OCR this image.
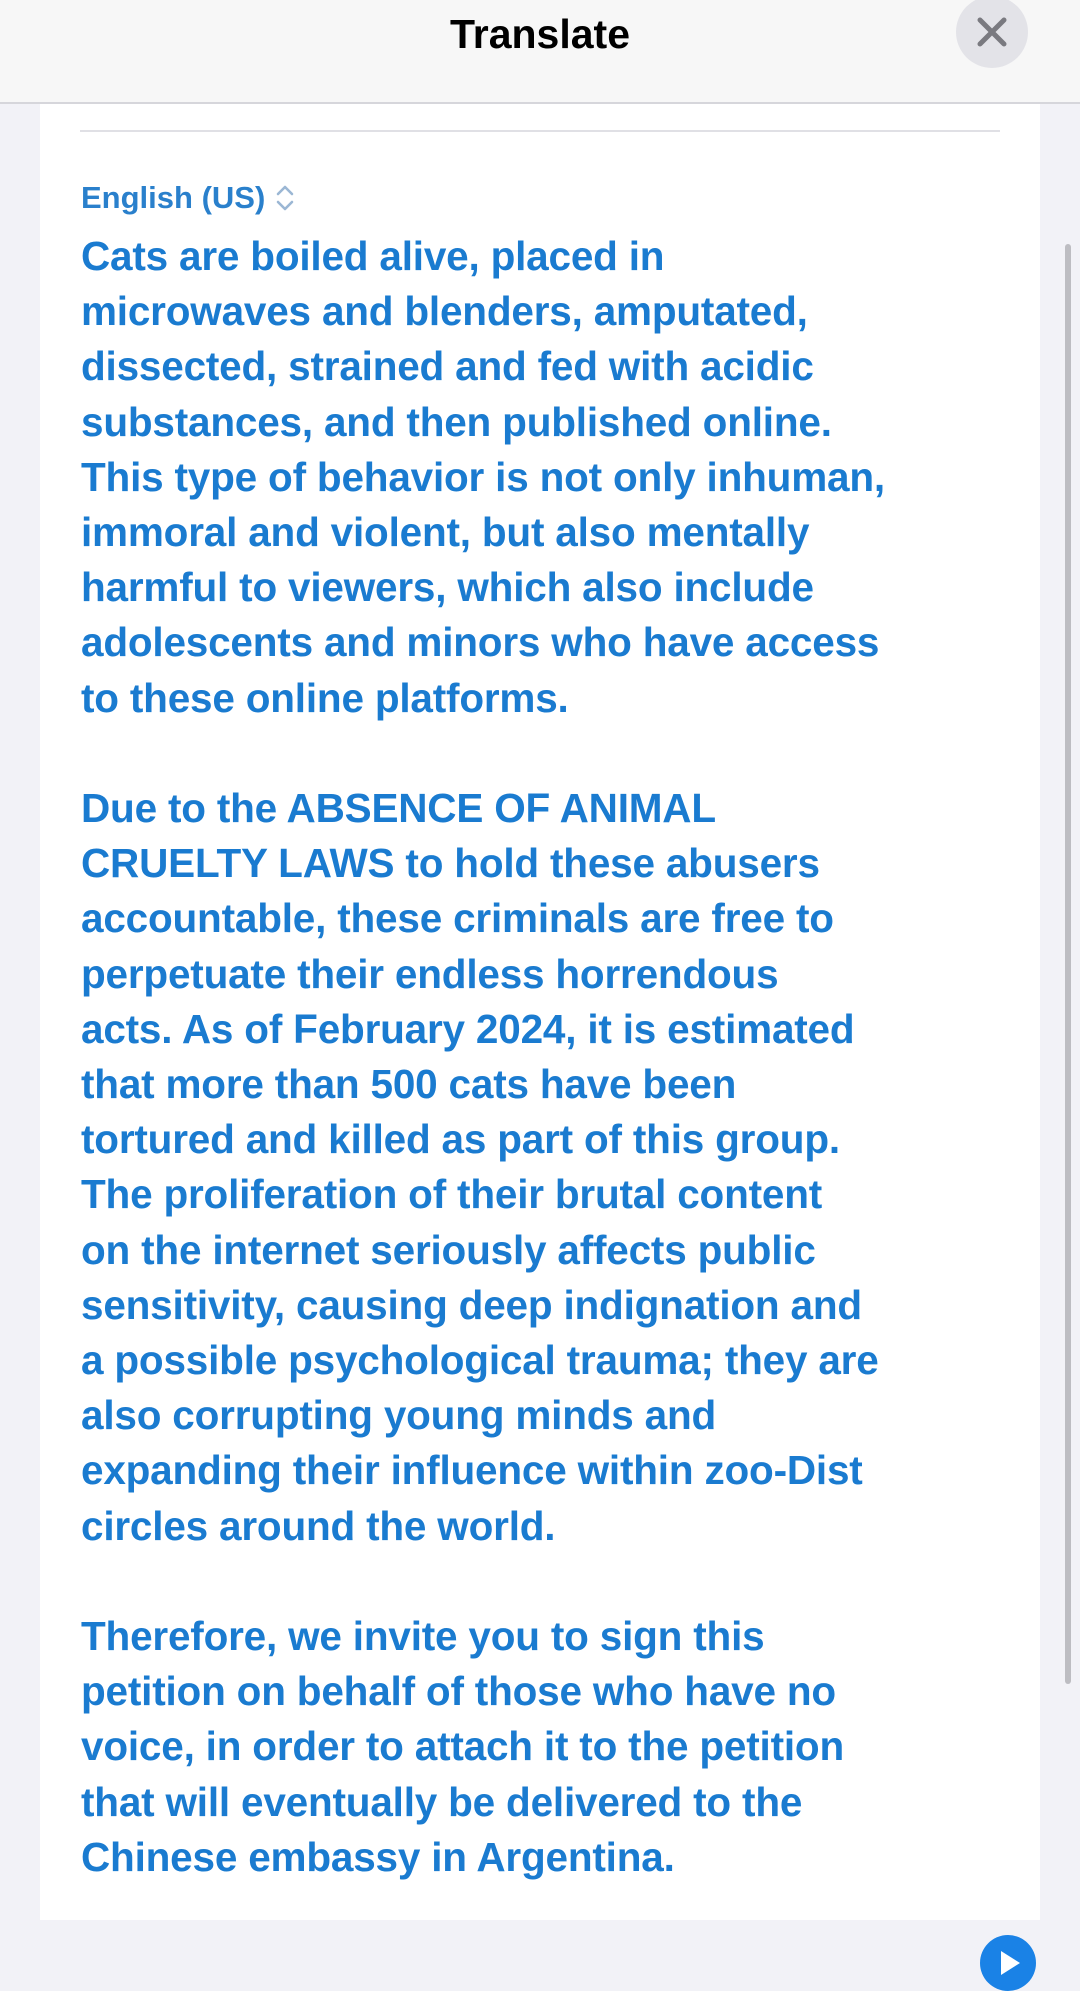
Translate
English (US)

Cats are boiled alive, placed in
microwaves and blenders, amputated,
dissected, strained and fed with acidic
substances, and then published online.
This type of behavior is not only inhuman,
immoral and violent, but also mentally
harmful to viewers, which also include
adolescents and minors who have access
to these online platforms.

Due to the ABSENCE OF ANIMAL
CRUELTY LAWS to hold these abusers
accountable, these criminals are free to
perpetuate their endless horrendous
acts. As of February 2024, it is estimated
that more than 500 cats have been
tortured and killed as part of this group.
The proliferation of their brutal content
on the internet seriously affects public
sensitivity, causing deep indignation and
a possible psychological trauma; they are
also corrupting young minds and
expanding their influence within zoo-Dist
circles around the world.

Therefore, we invite you to sign this
petition on behalf of those who have no
voice, in order to attach it to the petition
that will eventually be delivered to the
Chinese embassy in Argentina.
